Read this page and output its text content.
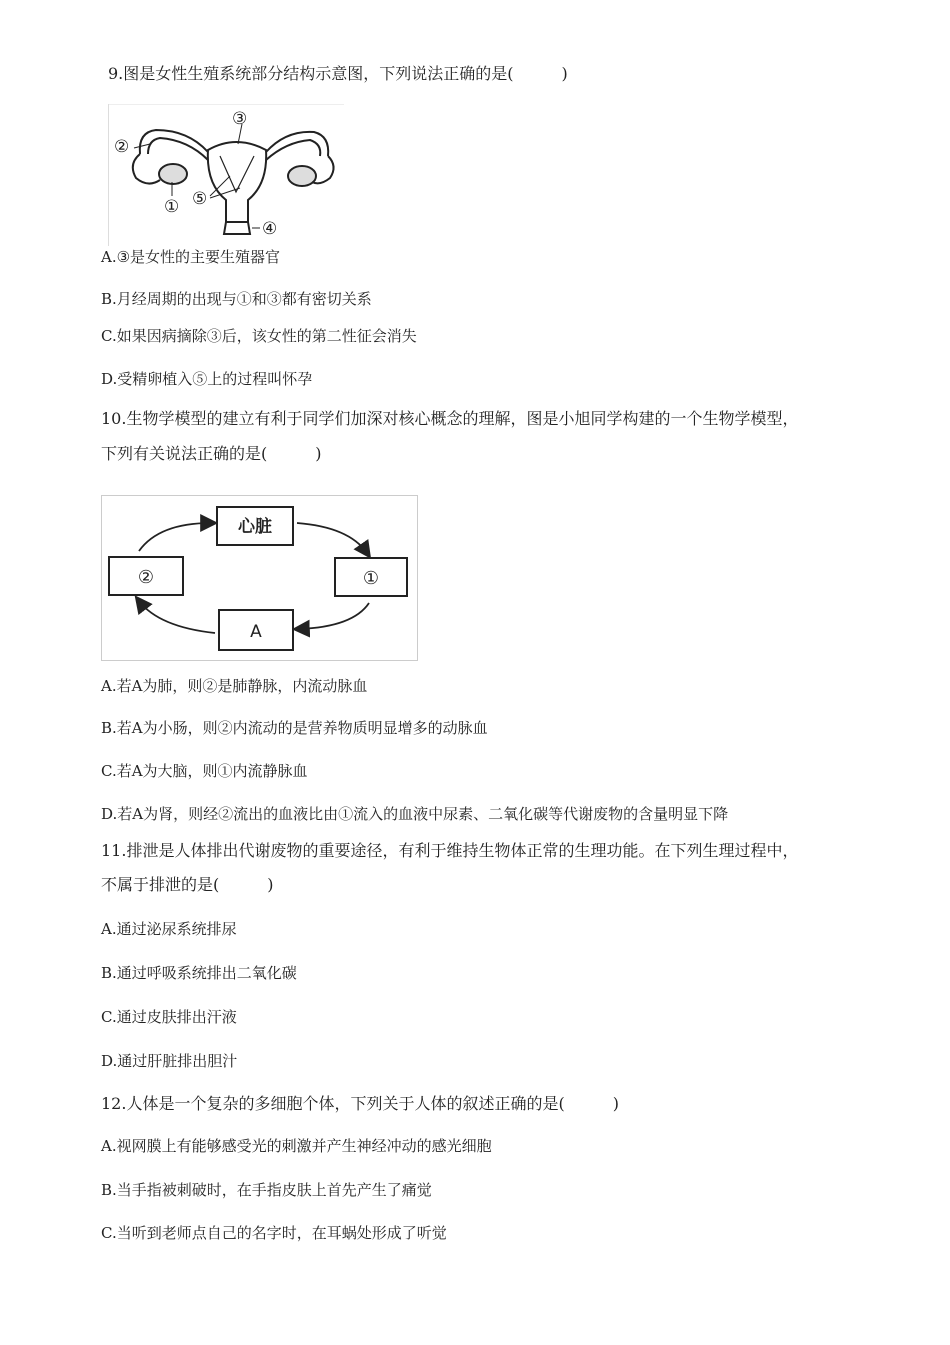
9.图是女性生殖系统部分结构示意图，下列说法正确的是(　　　)
①
②
③
④
⑤
A.③是女性的主要生殖器官
B.月经周期的出现与①和③都有密切关系
C.如果因病摘除③后，该女性的第二性征会消失
D.受精卵植入⑤上的过程叫怀孕
10.生物学模型的建立有利于同学们加深对核心概念的理解，图是小旭同学构建的一个生物学模型，
下列有关说法正确的是(　　　)
心脏
①
A
②
A.若A为肺，则②是肺静脉，内流动脉血
B.若A为小肠，则②内流动的是营养物质明显增多的动脉血
C.若A为大脑，则①内流静脉血
D.若A为肾，则经②流出的血液比由①流入的血液中尿素、二氧化碳等代谢废物的含量明显下降
11.排泄是人体排出代谢废物的重要途径，有利于维持生物体正常的生理功能。在下列生理过程中，
不属于排泄的是(　　　)
A.通过泌尿系统排尿
B.通过呼吸系统排出二氧化碳
C.通过皮肤排出汗液
D.通过肝脏排出胆汁
12.人体是一个复杂的多细胞个体，下列关于人体的叙述正确的是(　　　)
A.视网膜上有能够感受光的刺激并产生神经冲动的感光细胞
B.当手指被刺破时，在手指皮肤上首先产生了痛觉
C.当听到老师点自己的名字时，在耳蜗处形成了听觉
